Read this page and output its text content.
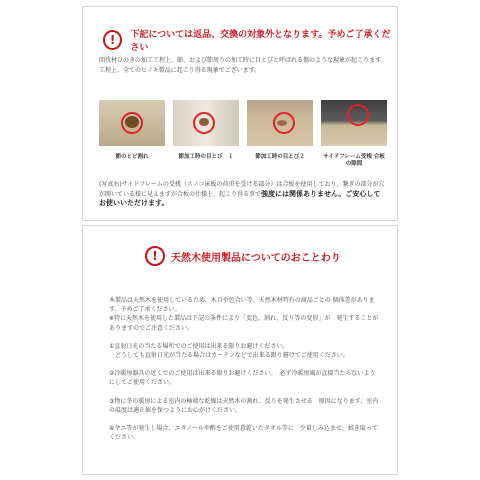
!	下記については返品、交換の対象外となります。予めご了承ください
間伐材ひのきの加工工程上、節、および節周りの加工時に目とびと呼ばれる傷のような現象が起こります。工程上、全てのヒノキ製品に起こり得る現象でございます。
節のヒビ割れ	節加工時の目とび　１	節加工時の目とび２	サイドフレーム受桟 合板の隙間
(写真右)サイドフレームの受桟（スノコ床板の荷重を受ける部分）は合板を使用しており、繋ぎの部分が穴が開いている様に見えますが合板の仕様上、起こり得る事で強度には関係ありません。ご安心してお使いいただけます。
!	天然木使用製品についてのおことわり
本製品は天然木を使用しているため、木目や色合い等、天然木材特有の商品ごとの 個体差があります。予めご了承ください。
※特に天然木を使用した製品は下記の条件により「変色、割れ、反り等の変形」が　発生することがありますのでご注意ください。
①直射日光の当たる場所でのご使用は出来る限りお避けください。
　どうしても直射日光が当たる場合はカーテンなどで出来る限り避けてご使用ください。
②冷暖房器具の近くでのご使用は出来る限りお避けください。　必ず冷暖房風が直接当たらないようにしてご使用ください。
③物に冬の暖房による室内の極端な乾燥は天然木の割れ、反りを発生させる　原因になります。室内の温度は適正値を保つようにお心がけください。
④ヤニ等が発生し場合、エタノールや酢をご使用意乾いたタオル等に　少量しみ込ませ、拭き取ってください。
